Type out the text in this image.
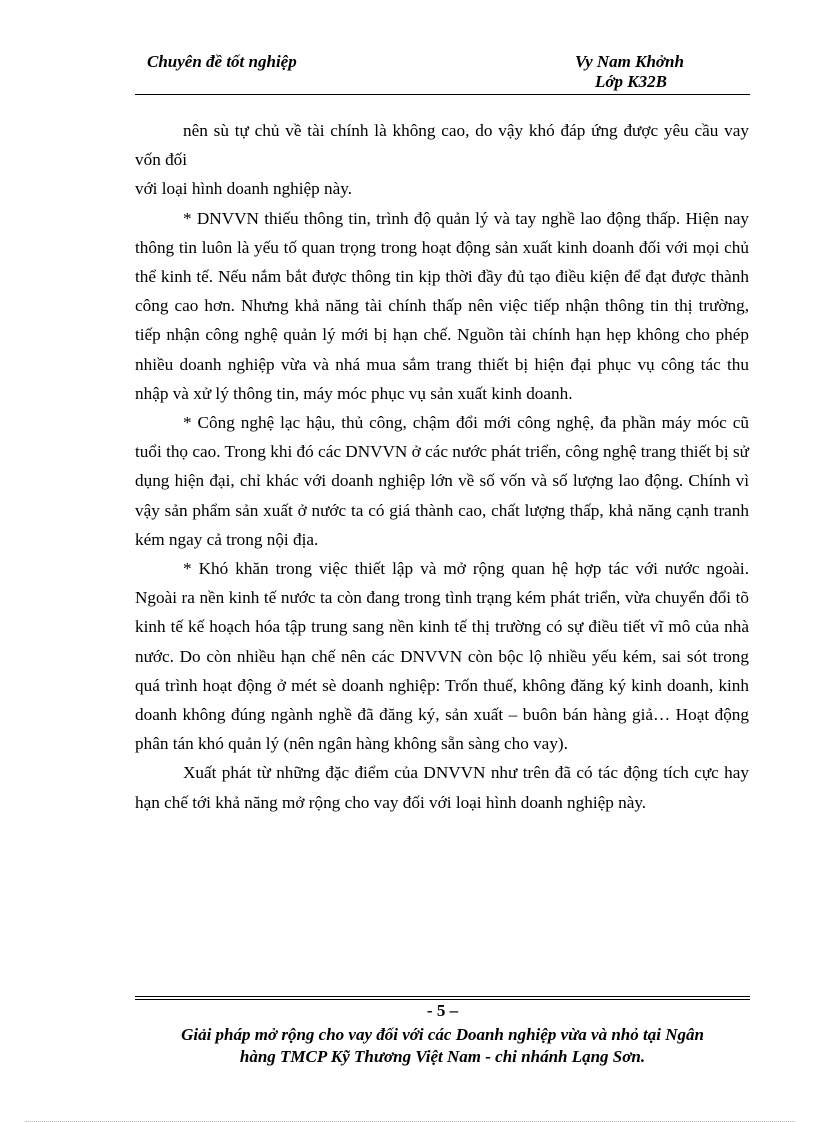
Chuyên đề tốt nghiệp	Vy Nam Khởnh
Lớp K32B

nên sù tự chủ về tài chính là không cao, do vậy khó đáp ứng được yêu cầu vay vốn đối

với loại hình doanh nghiệp này.

* DNVVN thiếu thông tin, trình độ quản lý và tay nghề lao động thấp. Hiện nay thông tin luôn là yếu tố quan trọng trong hoạt động sản xuất kinh doanh đối với mọi chủ thể kinh tế. Nếu nắm bắt được thông tin kịp thời đầy đủ tạo điều kiện để đạt được thành công cao hơn. Nhưng khả năng tài chính thấp nên việc tiếp nhận thông tin thị trường, tiếp nhận công nghệ quản lý mới bị hạn chế. Nguồn tài chính hạn hẹp không cho phép nhiều doanh nghiệp vừa và nhá mua sắm trang thiết bị hiện đại phục vụ công tác thu nhập và xử lý thông tin, máy móc phục vụ sản xuất kinh doanh.

* Công nghệ lạc hậu, thủ công, chậm đổi mới công nghệ, đa phần máy móc cũ tuổi thọ cao. Trong khi đó các DNVVN ở các nước phát triển, công nghệ trang thiết bị sử dụng hiện đại, chỉ khác với doanh nghiệp lớn về số vốn và số lượng lao động. Chính vì vậy sản phẩm sản xuất ở nước ta có giá thành cao, chất lượng thấp, khả năng cạnh tranh kém ngay cả trong nội địa.

* Khó khăn trong việc thiết lập và mở rộng quan hệ hợp tác với nước ngoài. Ngoài ra nền kinh tế nước ta còn đang trong tình trạng kém phát triển, vừa chuyển đổi tõ kinh tế kế hoạch hóa tập trung sang nền kinh tế thị trường có sự điều tiết vĩ mô của nhà nước. Do còn nhiều hạn chế nên các DNVVN còn bộc lộ nhiều yếu kém, sai sót trong quá trình hoạt động ở mét sè doanh nghiệp: Trốn thuế, không đăng ký kinh doanh, kinh doanh không đúng ngành nghề đã đăng ký, sản xuất – buôn bán hàng giả… Hoạt động phân tán khó quản lý (nên ngân hàng không sẵn sàng cho vay).

Xuất phát từ những đặc điểm của DNVVN như trên đã có tác động tích cực hay hạn chế tới khả năng mở rộng cho vay đối với loại hình doanh nghiệp này.

- 5 –
Giải pháp mở rộng cho vay đối với các Doanh nghiệp vừa và nhỏ tại Ngân
hàng TMCP Kỹ Thương Việt Nam - chi nhánh Lạng Sơn.
